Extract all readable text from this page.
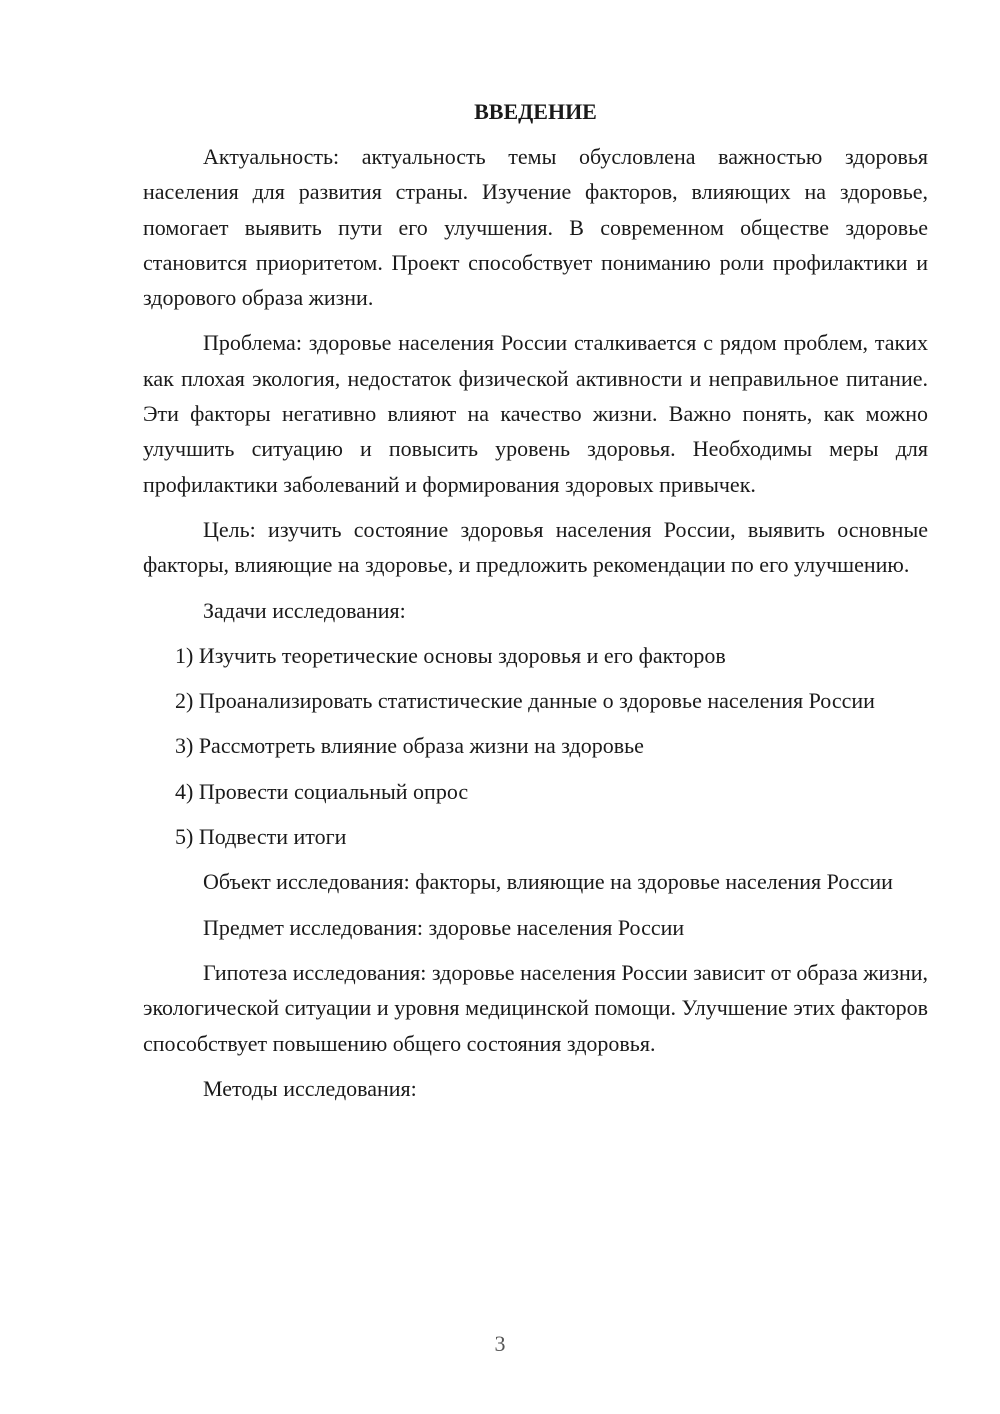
ВВЕДЕНИЕ

Актуальность: актуальность темы обусловлена важностью здоровья населения для развития страны. Изучение факторов, влияющих на здоровье, помогает выявить пути его улучшения. В современном обществе здоровье становится приоритетом. Проект способствует пониманию роли профилактики и здорового образа жизни.

Проблема: здоровье населения России сталкивается с рядом проблем, таких как плохая экология, недостаток физической активности и неправильное питание. Эти факторы негативно влияют на качество жизни. Важно понять, как можно улучшить ситуацию и повысить уровень здоровья. Необходимы меры для профилактики заболеваний и формирования здоровых привычек.

Цель: изучить состояние здоровья населения России, выявить основные факторы, влияющие на здоровье, и предложить рекомендации по его улучшению.

Задачи исследования:

1) Изучить теоретические основы здоровья и его факторов

2) Проанализировать статистические данные о здоровье населения России

3) Рассмотреть влияние образа жизни на здоровье

4) Провести социальный опрос

5) Подвести итоги

Объект исследования: факторы, влияющие на здоровье населения России

Предмет исследования: здоровье населения России

Гипотеза исследования: здоровье населения России зависит от образа жизни, экологической ситуации и уровня медицинской помощи. Улучшение этих факторов способствует повышению общего состояния здоровья.

Методы исследования:

3
